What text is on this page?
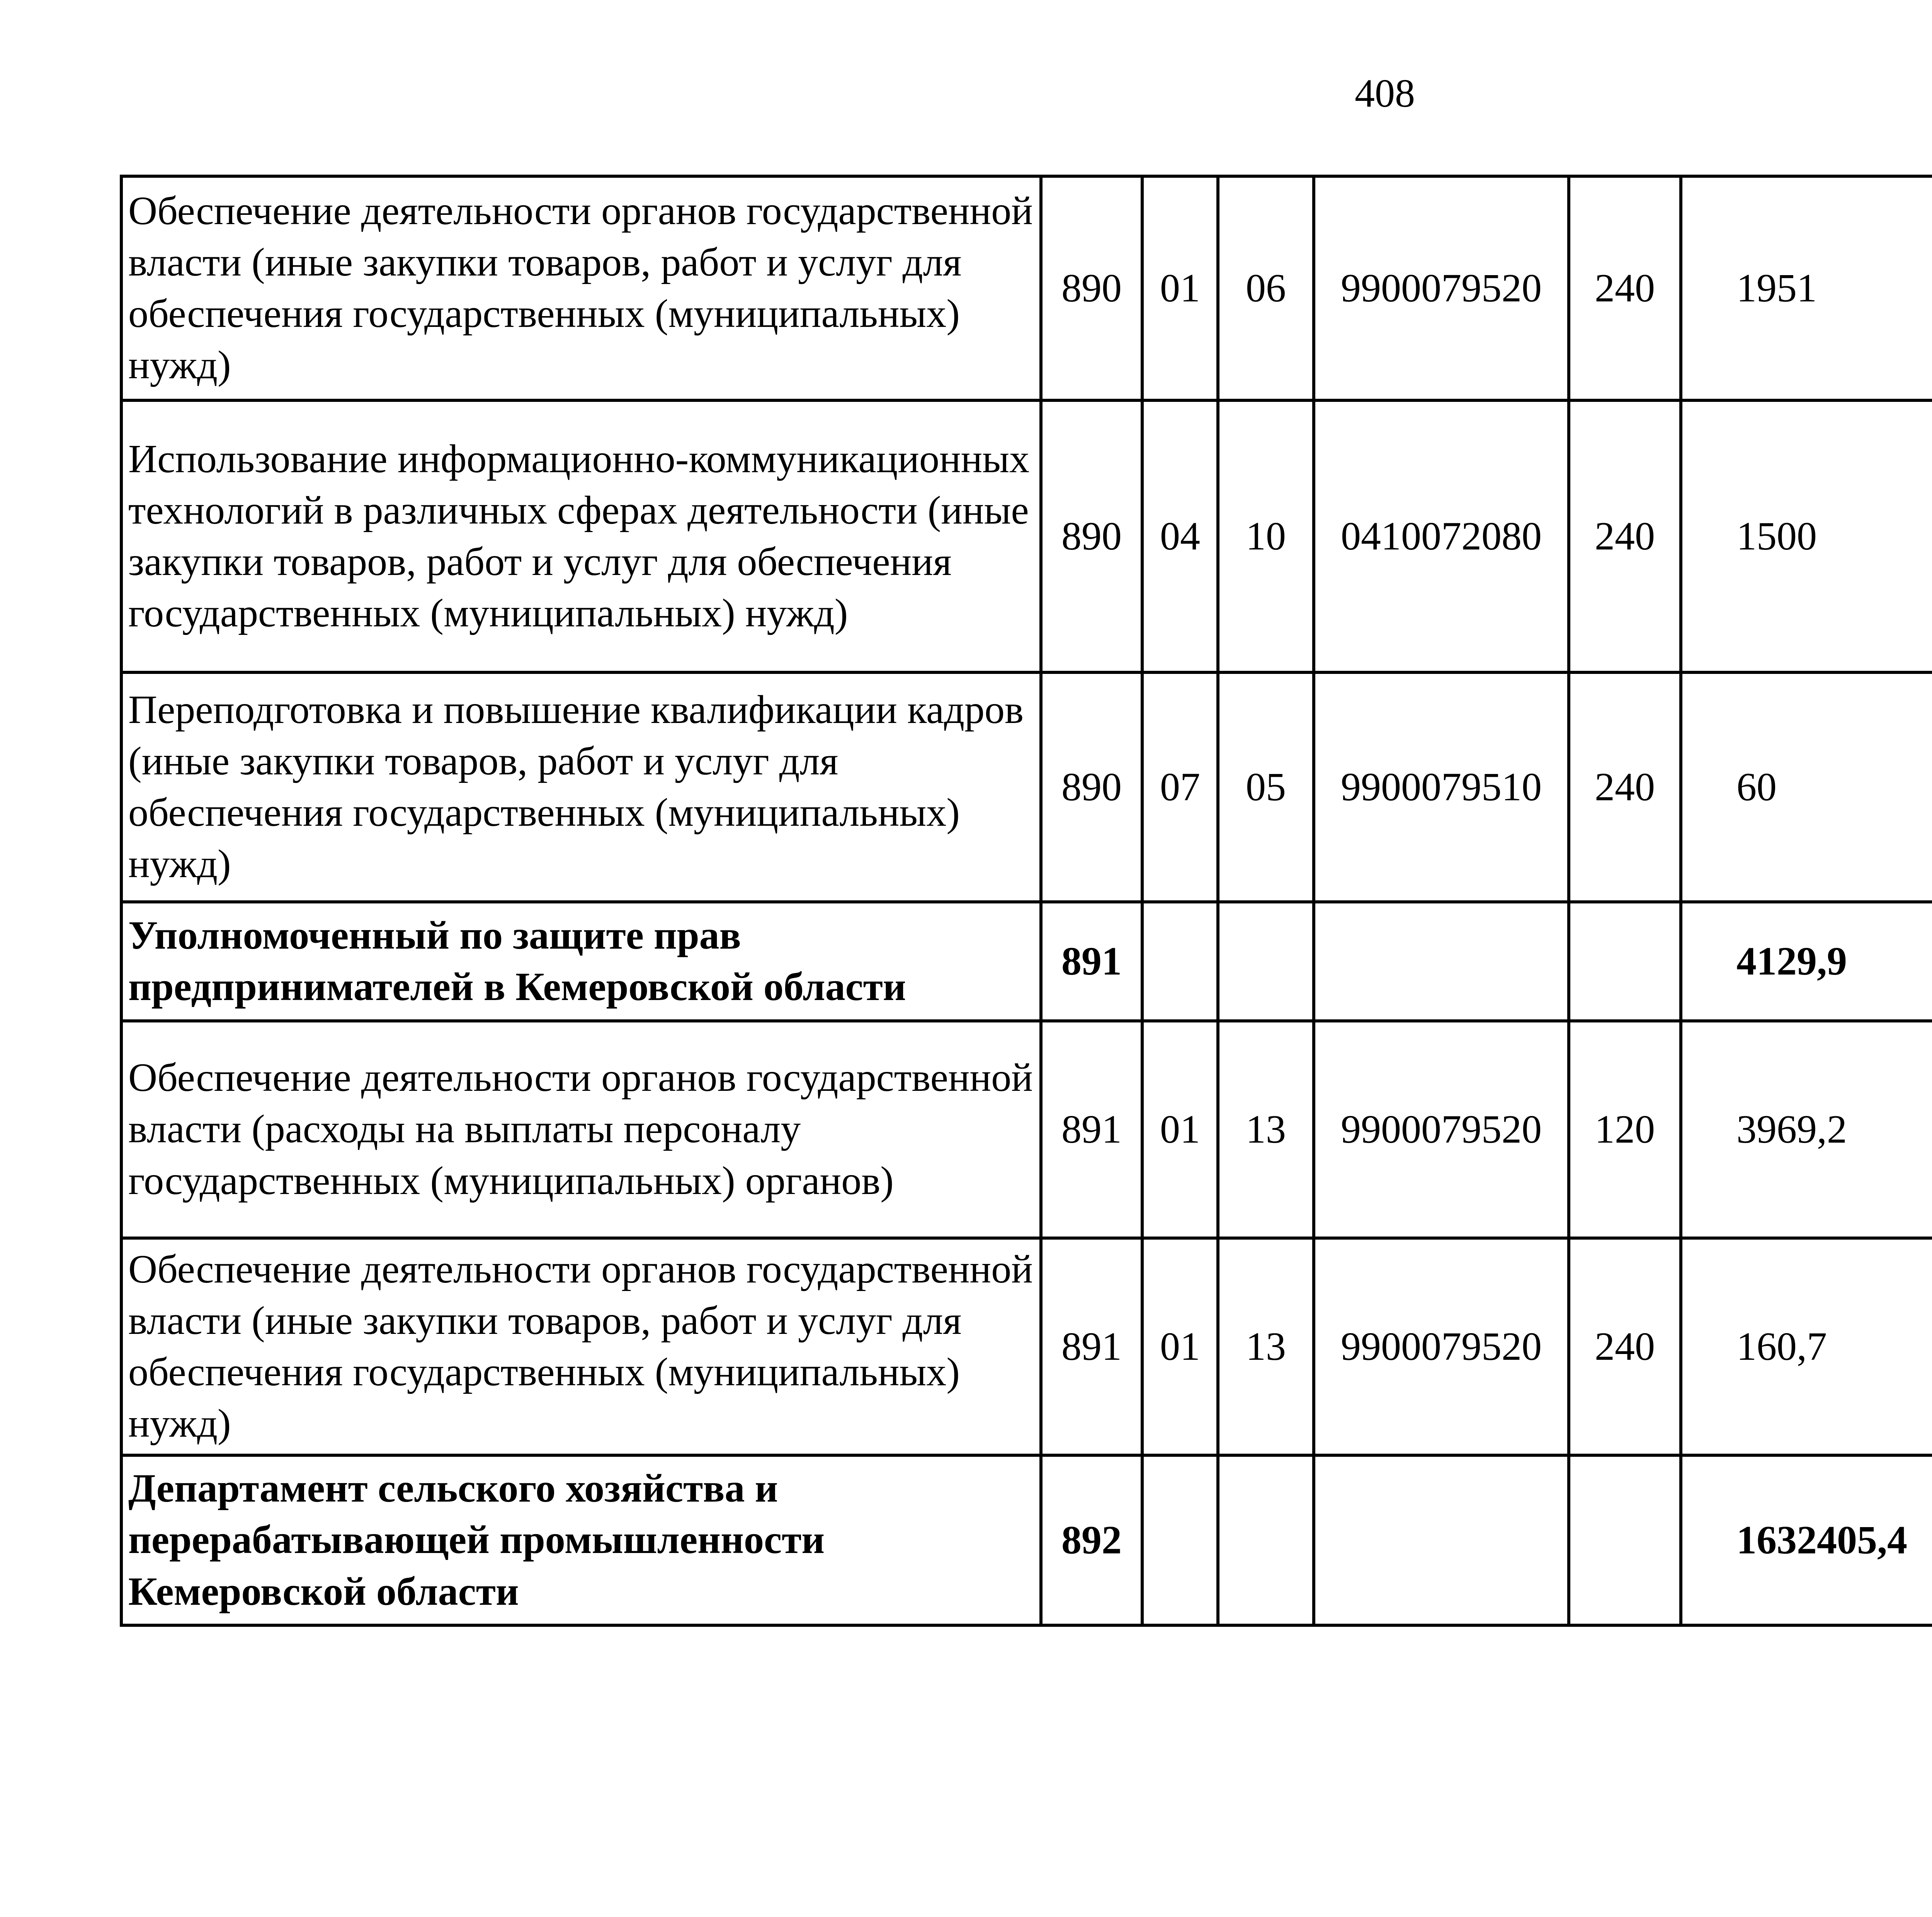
408
Обеспечение деятельности органов государственной власти (иные закупки товаров, работ и услуг для обеспечения государственных (муниципальных) нужд)	890	01	06	9900079520	240	1951		
Использование информационно-коммуникационных технологий в различных сферах деятельности (иные закупки товаров, работ и услуг для обеспечения государственных (муниципальных) нужд)	890	04	10	0410072080	240	1500		
Переподготовка и повышение квалификации кадров (иные закупки товаров, работ и услуг для обеспечения государственных (муниципальных) нужд)	890	07	05	9900079510	240	60		
Уполномоченный по защите прав предпринимателей в Кемеровской области	891					4129,9		
Обеспечение деятельности органов государственной власти (расходы на выплаты персоналу государственных (муниципальных) органов)	891	01	13	9900079520	120	3969,2		
Обеспечение деятельности органов государственной власти (иные закупки товаров, работ и услуг для обеспечения государственных (муниципальных) нужд)	891	01	13	9900079520	240	160,7		
Департамент сельского хозяйства и перерабатывающей промышленности Кемеровской области	892					1632405,4		
